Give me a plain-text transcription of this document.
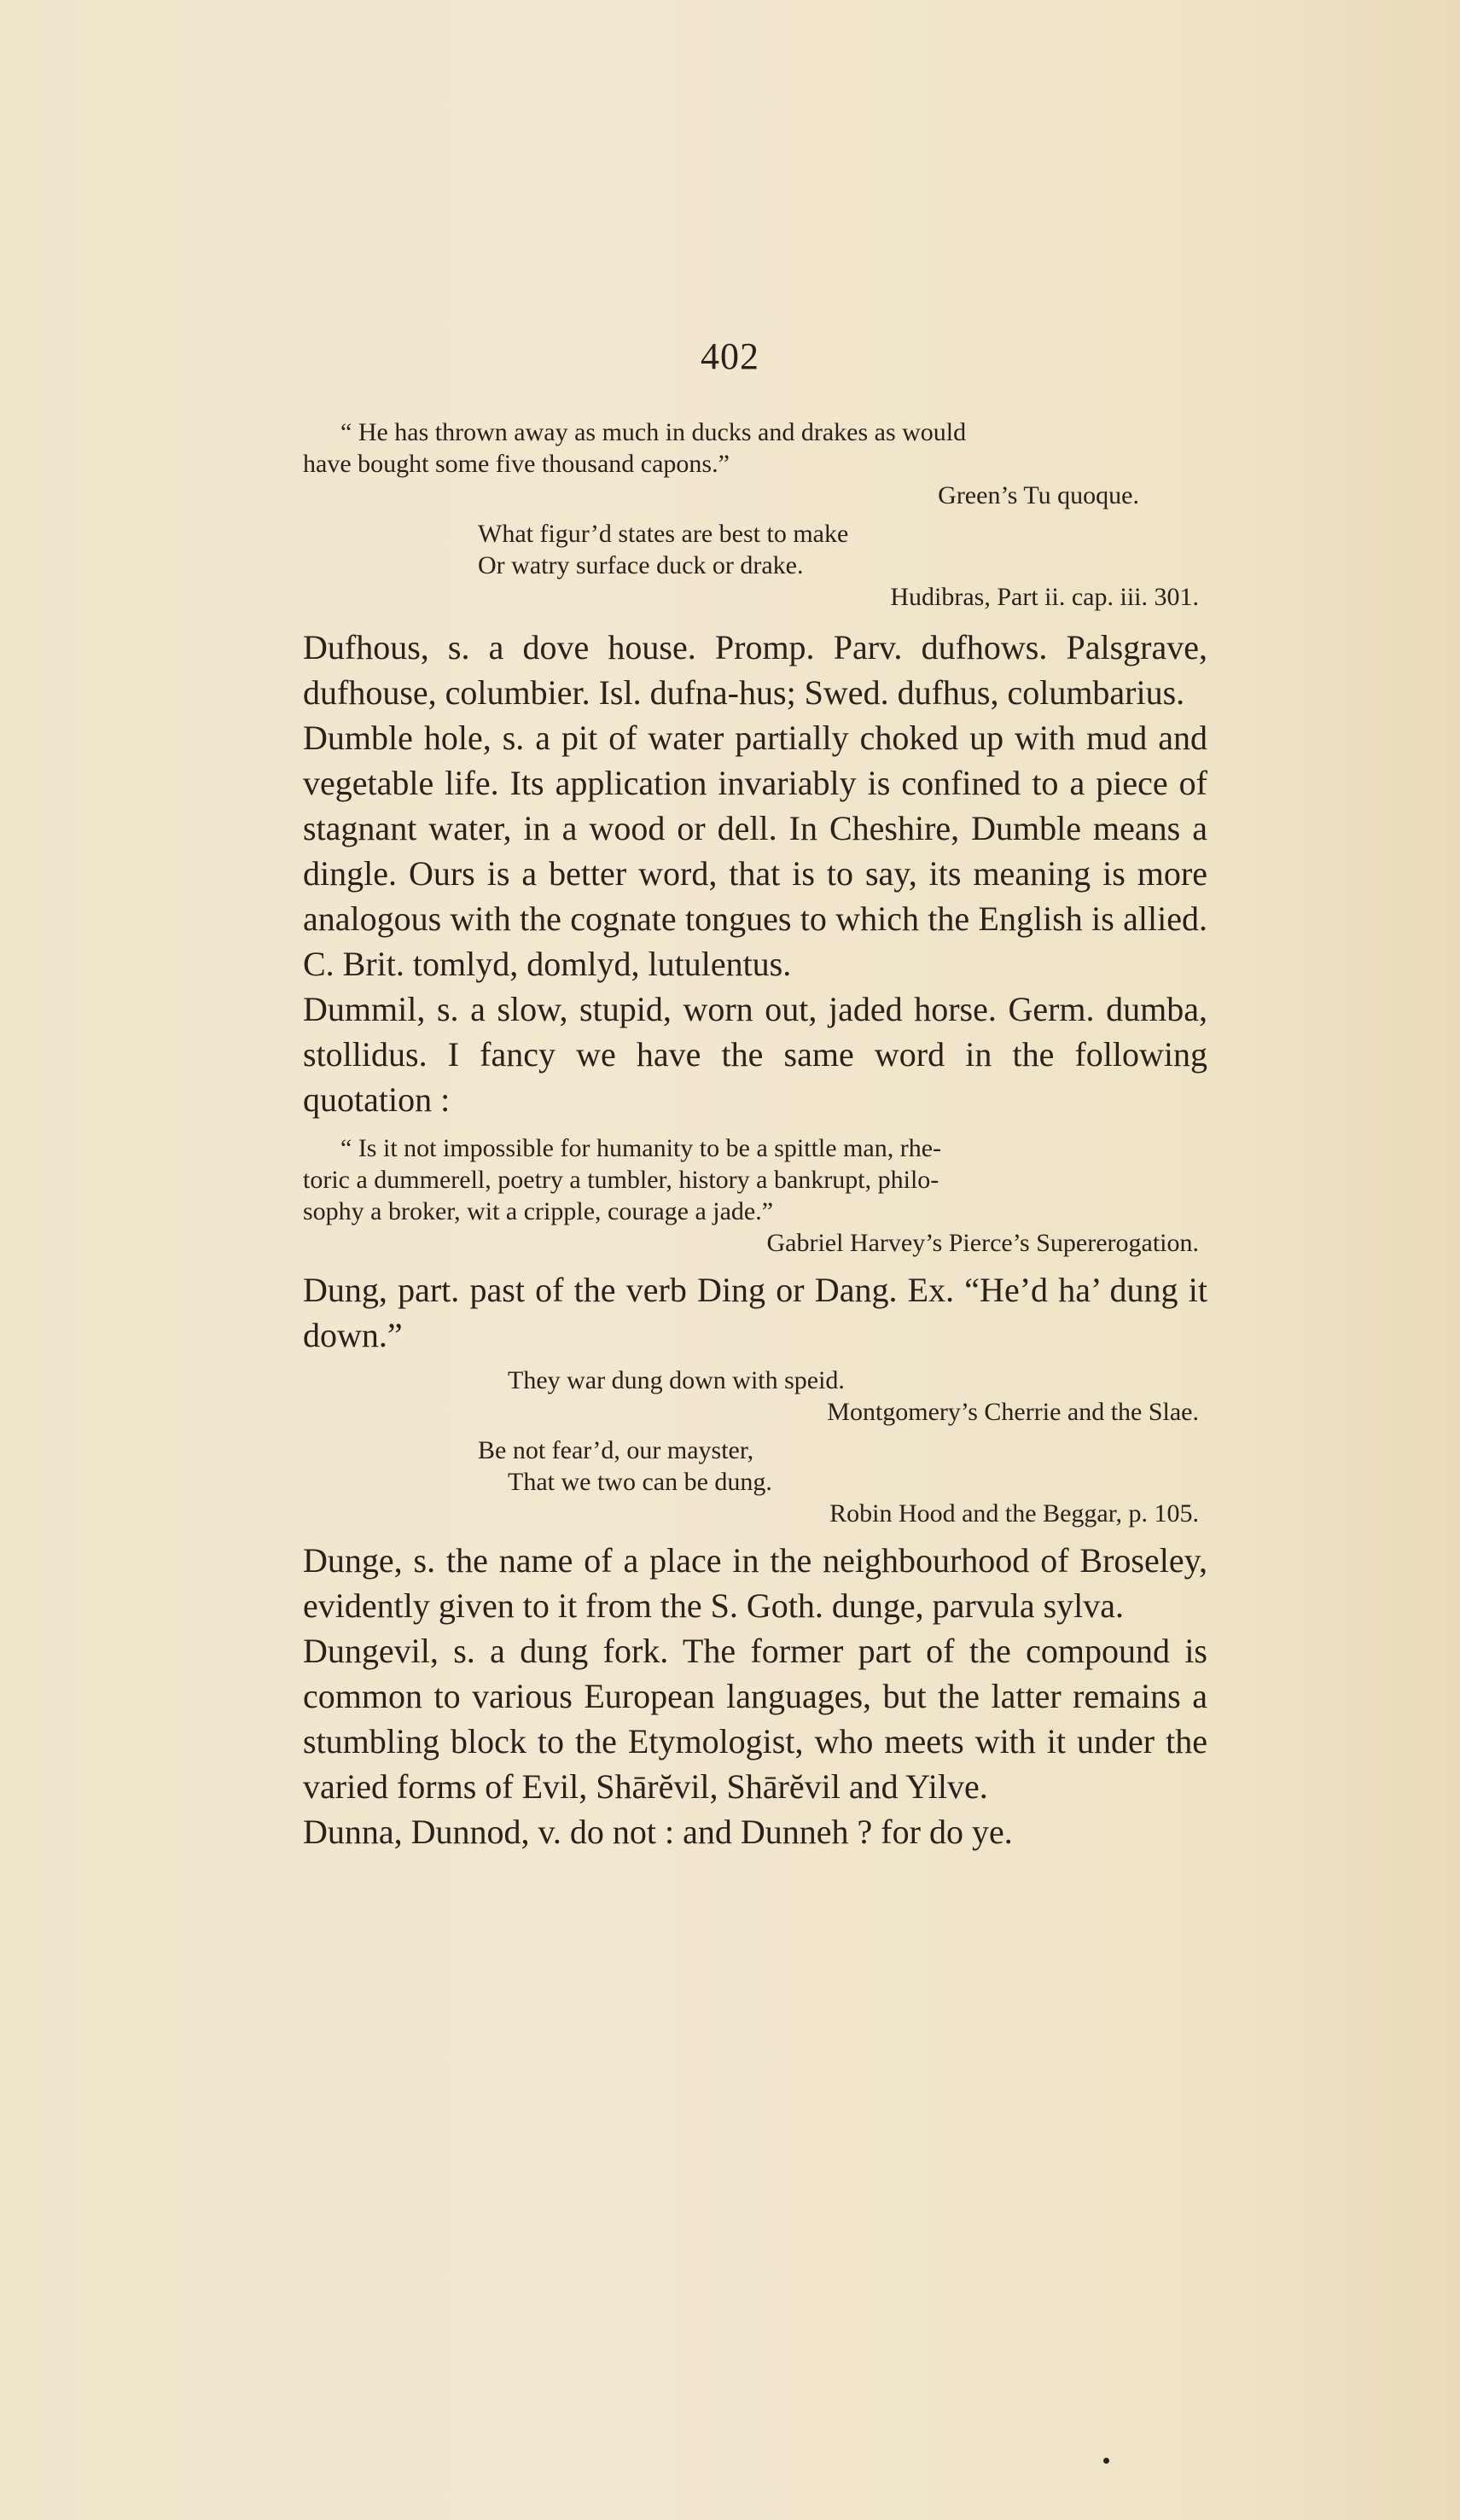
402

“ He has thrown away as much in ducks and drakes as would

have bought some five thousand capons.”

Green’s Tu quoque.

What figur’d states are best to make

Or watry surface duck or drake.

Hudibras, Part ii. cap. iii. 301.

Dufhous, s. a dove house. Promp. Parv. dufhows. Palsgrave, dufhouse, columbier. Isl. dufna-hus; Swed. dufhus, columbarius.

Dumble hole, s. a pit of water partially choked up with mud and vegetable life. Its application invariably is confined to a piece of stagnant water, in a wood or dell. In Cheshire, Dumble means a dingle. Ours is a better word, that is to say, its meaning is more analogous with the cognate tongues to which the English is allied. C. Brit. tomlyd, domlyd, lutulentus.

Dummil, s. a slow, stupid, worn out, jaded horse. Germ. dumba, stollidus. I fancy we have the same word in the following quotation :

“ Is it not impossible for humanity to be a spittle man, rhe-

toric a dummerell, poetry a tumbler, history a bankrupt, philo-

sophy a broker, wit a cripple, courage a jade.”

Gabriel Harvey’s Pierce’s Supererogation.

Dung, part. past of the verb Ding or Dang. Ex. “He’d ha’ dung it down.”

They war dung down with speid.

Montgomery’s Cherrie and the Slae.

Be not fear’d, our mayster,

That we two can be dung.

Robin Hood and the Beggar, p. 105.

Dunge, s. the name of a place in the neighbourhood of Broseley, evidently given to it from the S. Goth. dunge, parvula sylva.

Dungevil, s. a dung fork. The former part of the compound is common to various European languages, but the latter remains a stumbling block to the Etymologist, who meets with it under the varied forms of Evil, Shārĕvil, Shārĕvil and Yilve.

Dunna, Dunnod, v. do not : and Dunneh ? for do ye.
